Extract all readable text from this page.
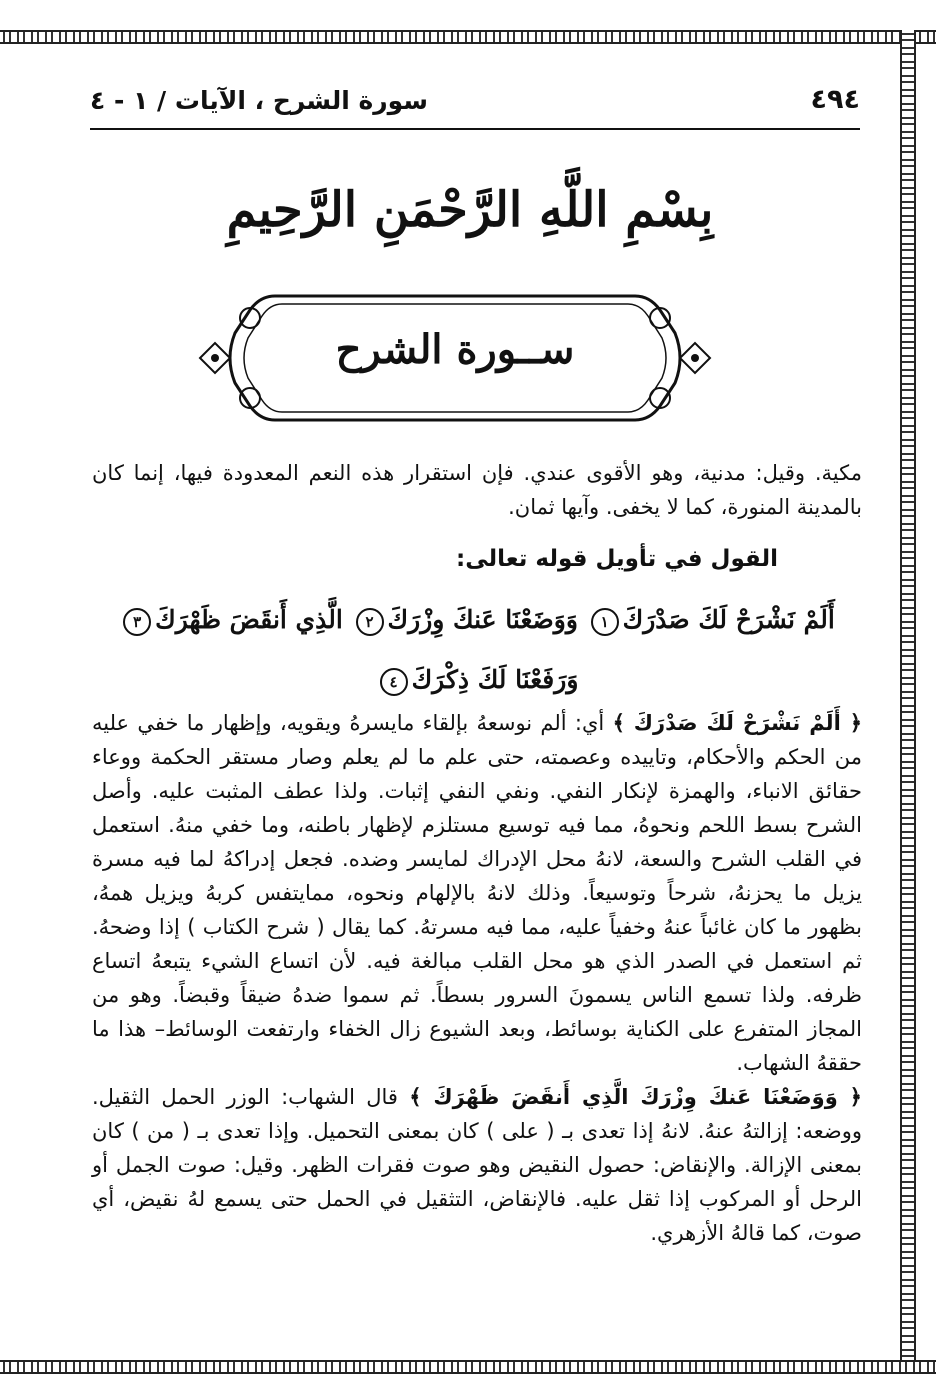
٤٩٤
سورة الشرح ، الآيات / ١ - ٤
بِسْمِ اللَّهِ الرَّحْمَنِ الرَّحِيمِ
ســورة الشرح
مكية. وقيل: مدنية، وهو الأقوى عندي. فإن استقرار هذه النعم المعدودة فيها، إنما كان بالمدينة المنورة، كما لا يخفى. وآيها ثمان.
القول في تأويل قوله تعالى:
أَلَمْ نَشْرَحْ لَكَ صَدْرَكَ١ وَوَضَعْنَا عَنكَ وِزْرَكَ٢ الَّذِي أَنقَضَ ظَهْرَكَ٣ وَرَفَعْنَا لَكَ ذِكْرَكَ٤
﴿ أَلَمْ نَشْرَحْ لَكَ صَدْرَكَ ﴾ أي: ألم نوسعهُ بإلقاء مايسرهُ ويقويه، وإظهار ما خفي عليه من الحكم والأحكام، وتاييده وعصمته، حتى علم ما لم يعلم وصار مستقر الحكمة ووعاء حقائق الانباء، والهمزة لإنكار النفي. ونفي النفي إثبات. ولذا عطف المثبت عليه. وأصل الشرح بسط اللحم ونحوهُ، مما فيه توسيع مستلزم لإظهار باطنه، وما خفي منهُ. استعمل في القلب الشرح والسعة، لانهُ محل الإدراك لمايسر وضده. فجعل إدراكهُ لما فيه مسرة يزيل ما يحزنهُ، شرحاً وتوسيعاً. وذلك لانهُ بالإلهام ونحوه، ممايتفس كربهُ ويزيل همهُ، بظهور ما كان غائباً عنهُ وخفياً عليه، مما فيه مسرتهُ. كما يقال ( شرح الكتاب ) إذا وضحهُ. ثم استعمل في الصدر الذي هو محل القلب مبالغة فيه. لأن اتساع الشيء يتبعهُ اتساع ظرفه. ولذا تسمع الناس يسمونَ السرور بسطاً. ثم سموا ضدهُ ضيقاً وقبضاً. وهو من المجاز المتفرع على الكناية بوسائط، وبعد الشيوع زال الخفاء وارتفعت الوسائط– هذا ما حققهُ الشهاب.
﴿ وَوَضَعْنَا عَنكَ وِزْرَكَ الَّذِي أَنقَضَ ظَهْرَكَ ﴾ قال الشهاب: الوزر الحمل الثقيل. ووضعه: إزالتهُ عنهُ. لانهُ إذا تعدى بـ ( على ) كان بمعنى التحميل. وإذا تعدى بـ ( من ) كان بمعنى الإزالة. والإنقاض: حصول النقيض وهو صوت فقرات الظهر. وقيل: صوت الجمل أو الرحل أو المركوب إذا ثقل عليه. فالإنقاض، التثقيل في الحمل حتى يسمع لهُ نقيض، أي صوت، كما قالهُ الأزهري.
